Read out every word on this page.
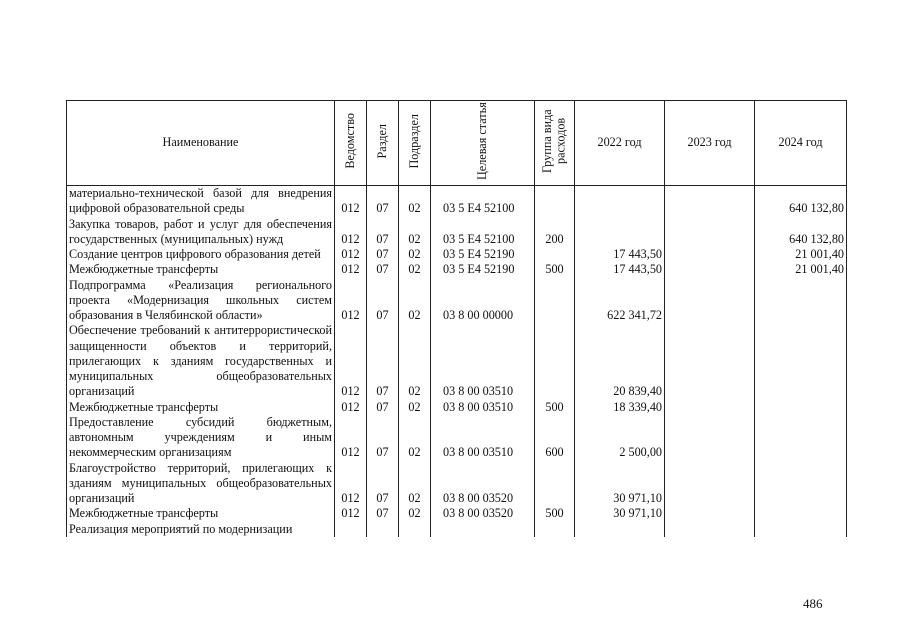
Наименование	Ведомство	Раздел	Подраздел	Целевая статья	Группа вида расходов	2022 год	2023 год	2024 год
материально-технической базой для внедрения цифровой образовательной среды	012	07	02	03 5 E4 52100				640 132,80
Закупка товаров, работ и услуг для обеспечения государственных (муниципальных) нужд	012	07	02	03 5 E4 52100	200			640 132,80
Создание центров цифрового образования детей	012	07	02	03 5 E4 52190		17 443,50		21 001,40
Межбюджетные трансферты	012	07	02	03 5 E4 52190	500	17 443,50		21 001,40
Подпрограмма «Реализация регионального проекта «Модернизация школьных систем образования в Челябинской области»	012	07	02	03 8 00 00000		622 341,72		
Обеспечение требований к антитеррористической защищенности объектов и территорий, прилегающих к зданиям государственных и муниципальных общеобразовательных организаций	012	07	02	03 8 00 03510		20 839,40		
Межбюджетные трансферты	012	07	02	03 8 00 03510	500	18 339,40		
Предоставление субсидий бюджетным, автономным учреждениям и иным некоммерческим организациям	012	07	02	03 8 00 03510	600	2 500,00		
Благоустройство территорий, прилегающих к зданиям муниципальных общеобразовательных организаций	012	07	02	03 8 00 03520		30 971,10		
Межбюджетные трансферты	012	07	02	03 8 00 03520	500	30 971,10		
Реализация мероприятий по модернизации								
486
